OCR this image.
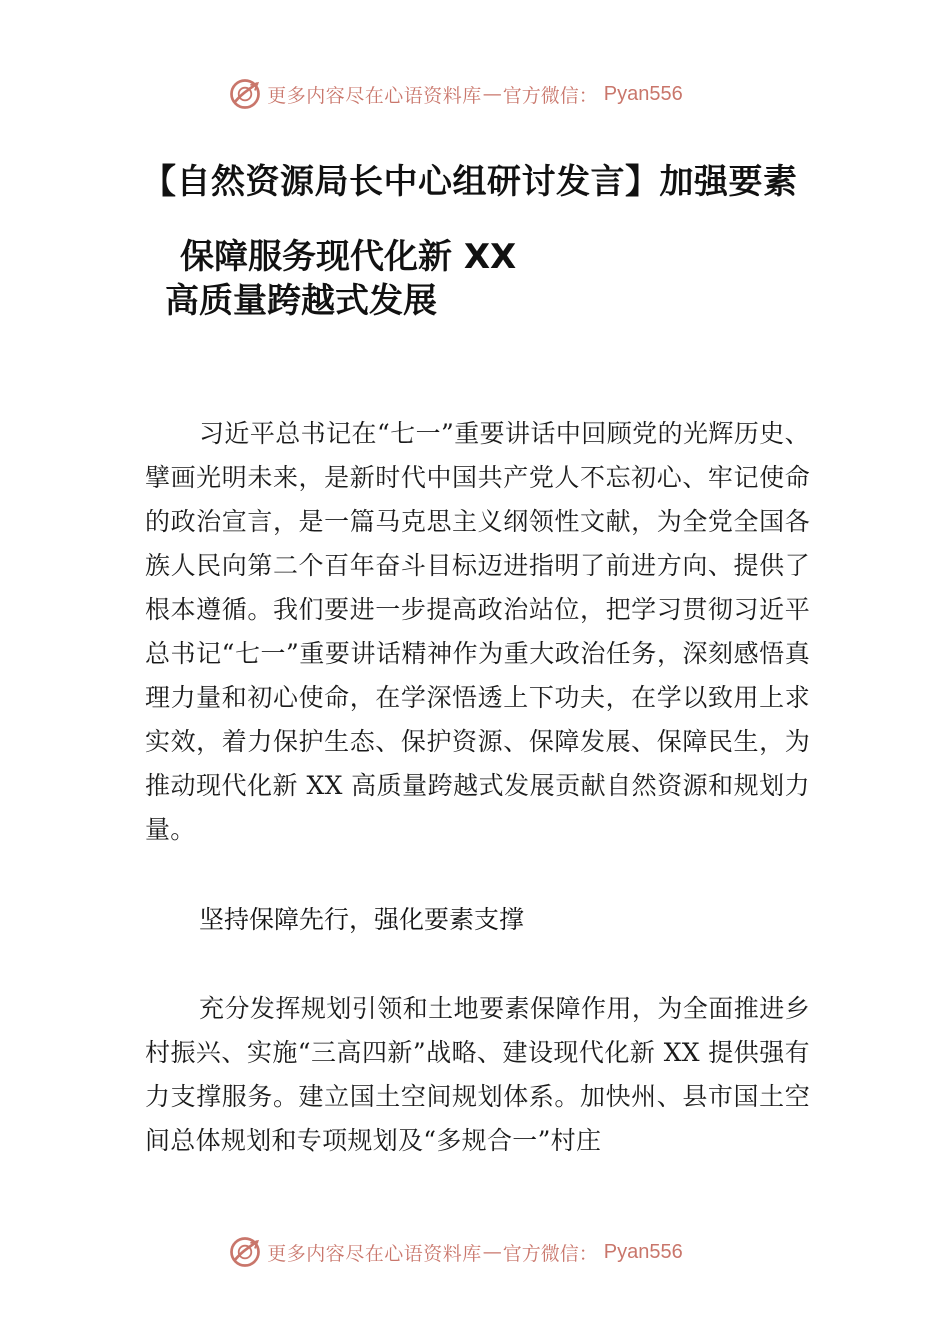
更多内容尽在心语资料库 — 官方微信： Pyan556
【自然资源局长中心组研讨发言】加强要素
保障服务现代化新 XX
高质量跨越式发展

习近平总书记在“七一”重要讲话中回顾党的光辉历史、擘画光明未来，是新时代中国共产党人不忘初心、牢记使命的政治宣言，是一篇马克思主义纲领性文献，为全党全国各族人民向第二个百年奋斗目标迈进指明了前进方向、提供了根本遵循。我们要进一步提高政治站位，把学习贯彻习近平总书记“七一”重要讲话精神作为重大政治任务，深刻感悟真理力量和初心使命，在学深悟透上下功夫，在学以致用上求实效，着力保护生态、保护资源、保障发展、保障民生，为推动现代化新 XX 高质量跨越式发展贡献自然资源和规划力量。

坚持保障先行，强化要素支撑

充分发挥规划引领和土地要素保障作用，为全面推进乡村振兴、实施“三高四新”战略、建设现代化新 XX 提供强有力支撑服务。建立国土空间规划体系。加快州、县市国土空间总体规划和专项规划及“多规合一”村庄

更多内容尽在心语资料库 — 官方微信： Pyan556
